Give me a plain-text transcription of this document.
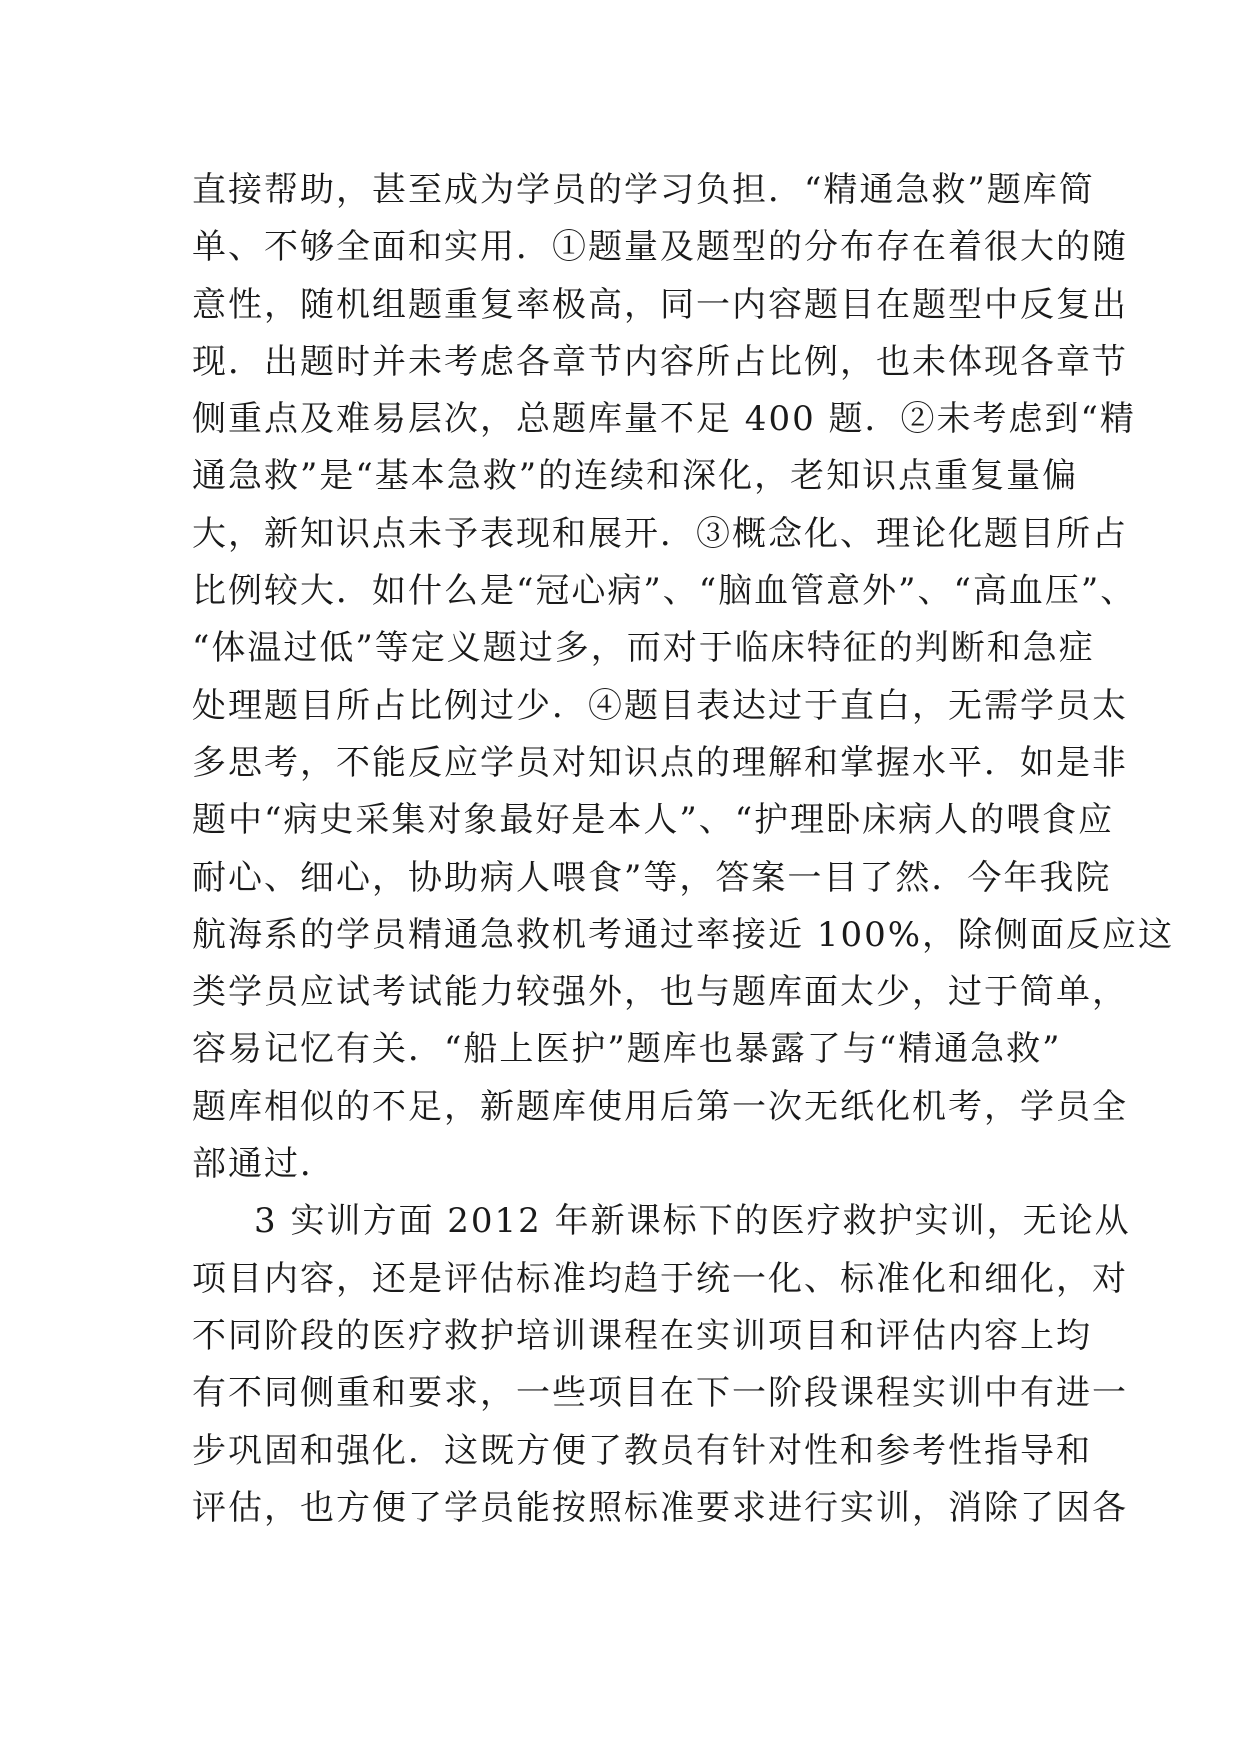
直接帮助，甚至成为学员的学习负担．“精通急救”题库简
单、不够全面和实用．①题量及题型的分布存在着很大的随
意性，随机组题重复率极高，同一内容题目在题型中反复出
现．出题时并未考虑各章节内容所占比例，也未体现各章节
侧重点及难易层次，总题库量不足 400 题．②未考虑到“精
通急救”是“基本急救”的连续和深化，老知识点重复量偏
大，新知识点未予表现和展开．③概念化、理论化题目所占
比例较大．如什么是“冠心病”、“脑血管意外”、“高血压”、
“体温过低”等定义题过多，而对于临床特征的判断和急症
处理题目所占比例过少．④题目表达过于直白，无需学员太
多思考，不能反应学员对知识点的理解和掌握水平．如是非
题中“病史采集对象最好是本人”、“护理卧床病人的喂食应
耐心、细心，协助病人喂食”等，答案一目了然．今年我院
航海系的学员精通急救机考通过率接近 100%，除侧面反应这
类学员应试考试能力较强外，也与题库面太少，过于简单，
容易记忆有关．“船上医护”题库也暴露了与“精通急救”
题库相似的不足，新题库使用后第一次无纸化机考，学员全
部通过．
3 实训方面 2012 年新课标下的医疗救护实训，无论从
项目内容，还是评估标准均趋于统一化、标准化和细化，对
不同阶段的医疗救护培训课程在实训项目和评估内容上均
有不同侧重和要求，一些项目在下一阶段课程实训中有进一
步巩固和强化．这既方便了教员有针对性和参考性指导和
评估，也方便了学员能按照标准要求进行实训，消除了因各
